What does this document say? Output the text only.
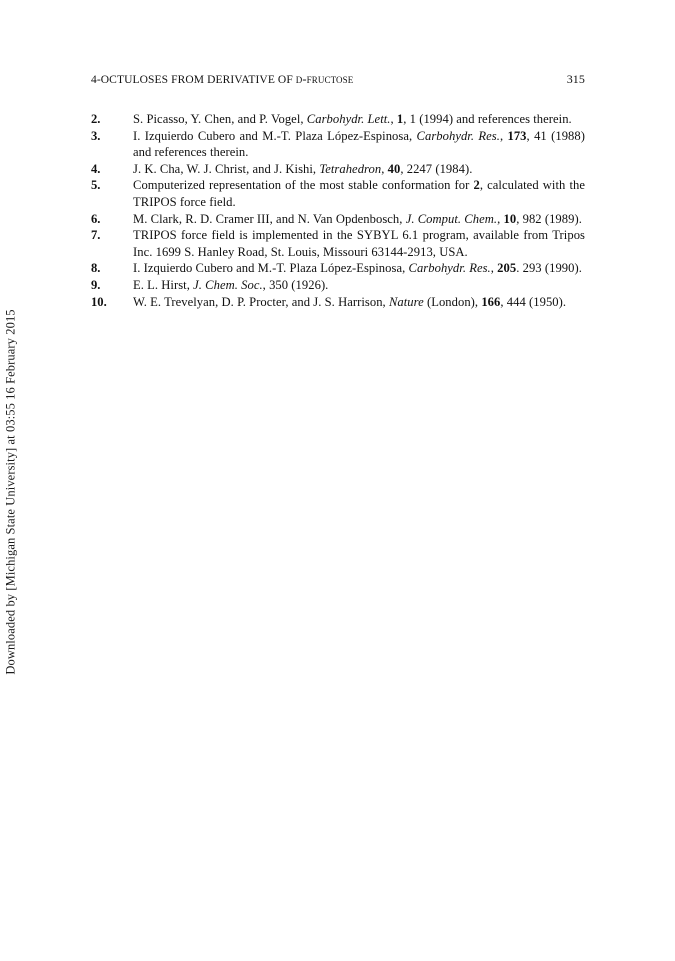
Downloaded by [Michigan State University] at 03:55 16 February 2015
4-OCTULOSES FROM DERIVATIVE OF d-fructose	315
2.	S. Picasso, Y. Chen, and P. Vogel, Carbohydr. Lett., 1, 1 (1994) and references therein.
3.	I. Izquierdo Cubero and M.-T. Plaza López-Espinosa, Carbohydr. Res., 173, 41 (1988) and references therein.
4.	J. K. Cha, W. J. Christ, and J. Kishi, Tetrahedron, 40, 2247 (1984).
5.	Computerized representation of the most stable conformation for 2, calculated with the TRIPOS force field.
6.	M. Clark, R. D. Cramer III, and N. Van Opdenbosch, J. Comput. Chem., 10, 982 (1989).
7.	TRIPOS force field is implemented in the SYBYL 6.1 program, available from Tripos Inc. 1699 S. Hanley Road, St. Louis, Missouri 63144-2913, USA.
8.	I. Izquierdo Cubero and M.-T. Plaza López-Espinosa, Carbohydr. Res., 205. 293 (1990).
9.	E. L. Hirst, J. Chem. Soc., 350 (1926).
10. W. E. Trevelyan, D. P. Procter, and J. S. Harrison, Nature (London), 166, 444 (1950).
